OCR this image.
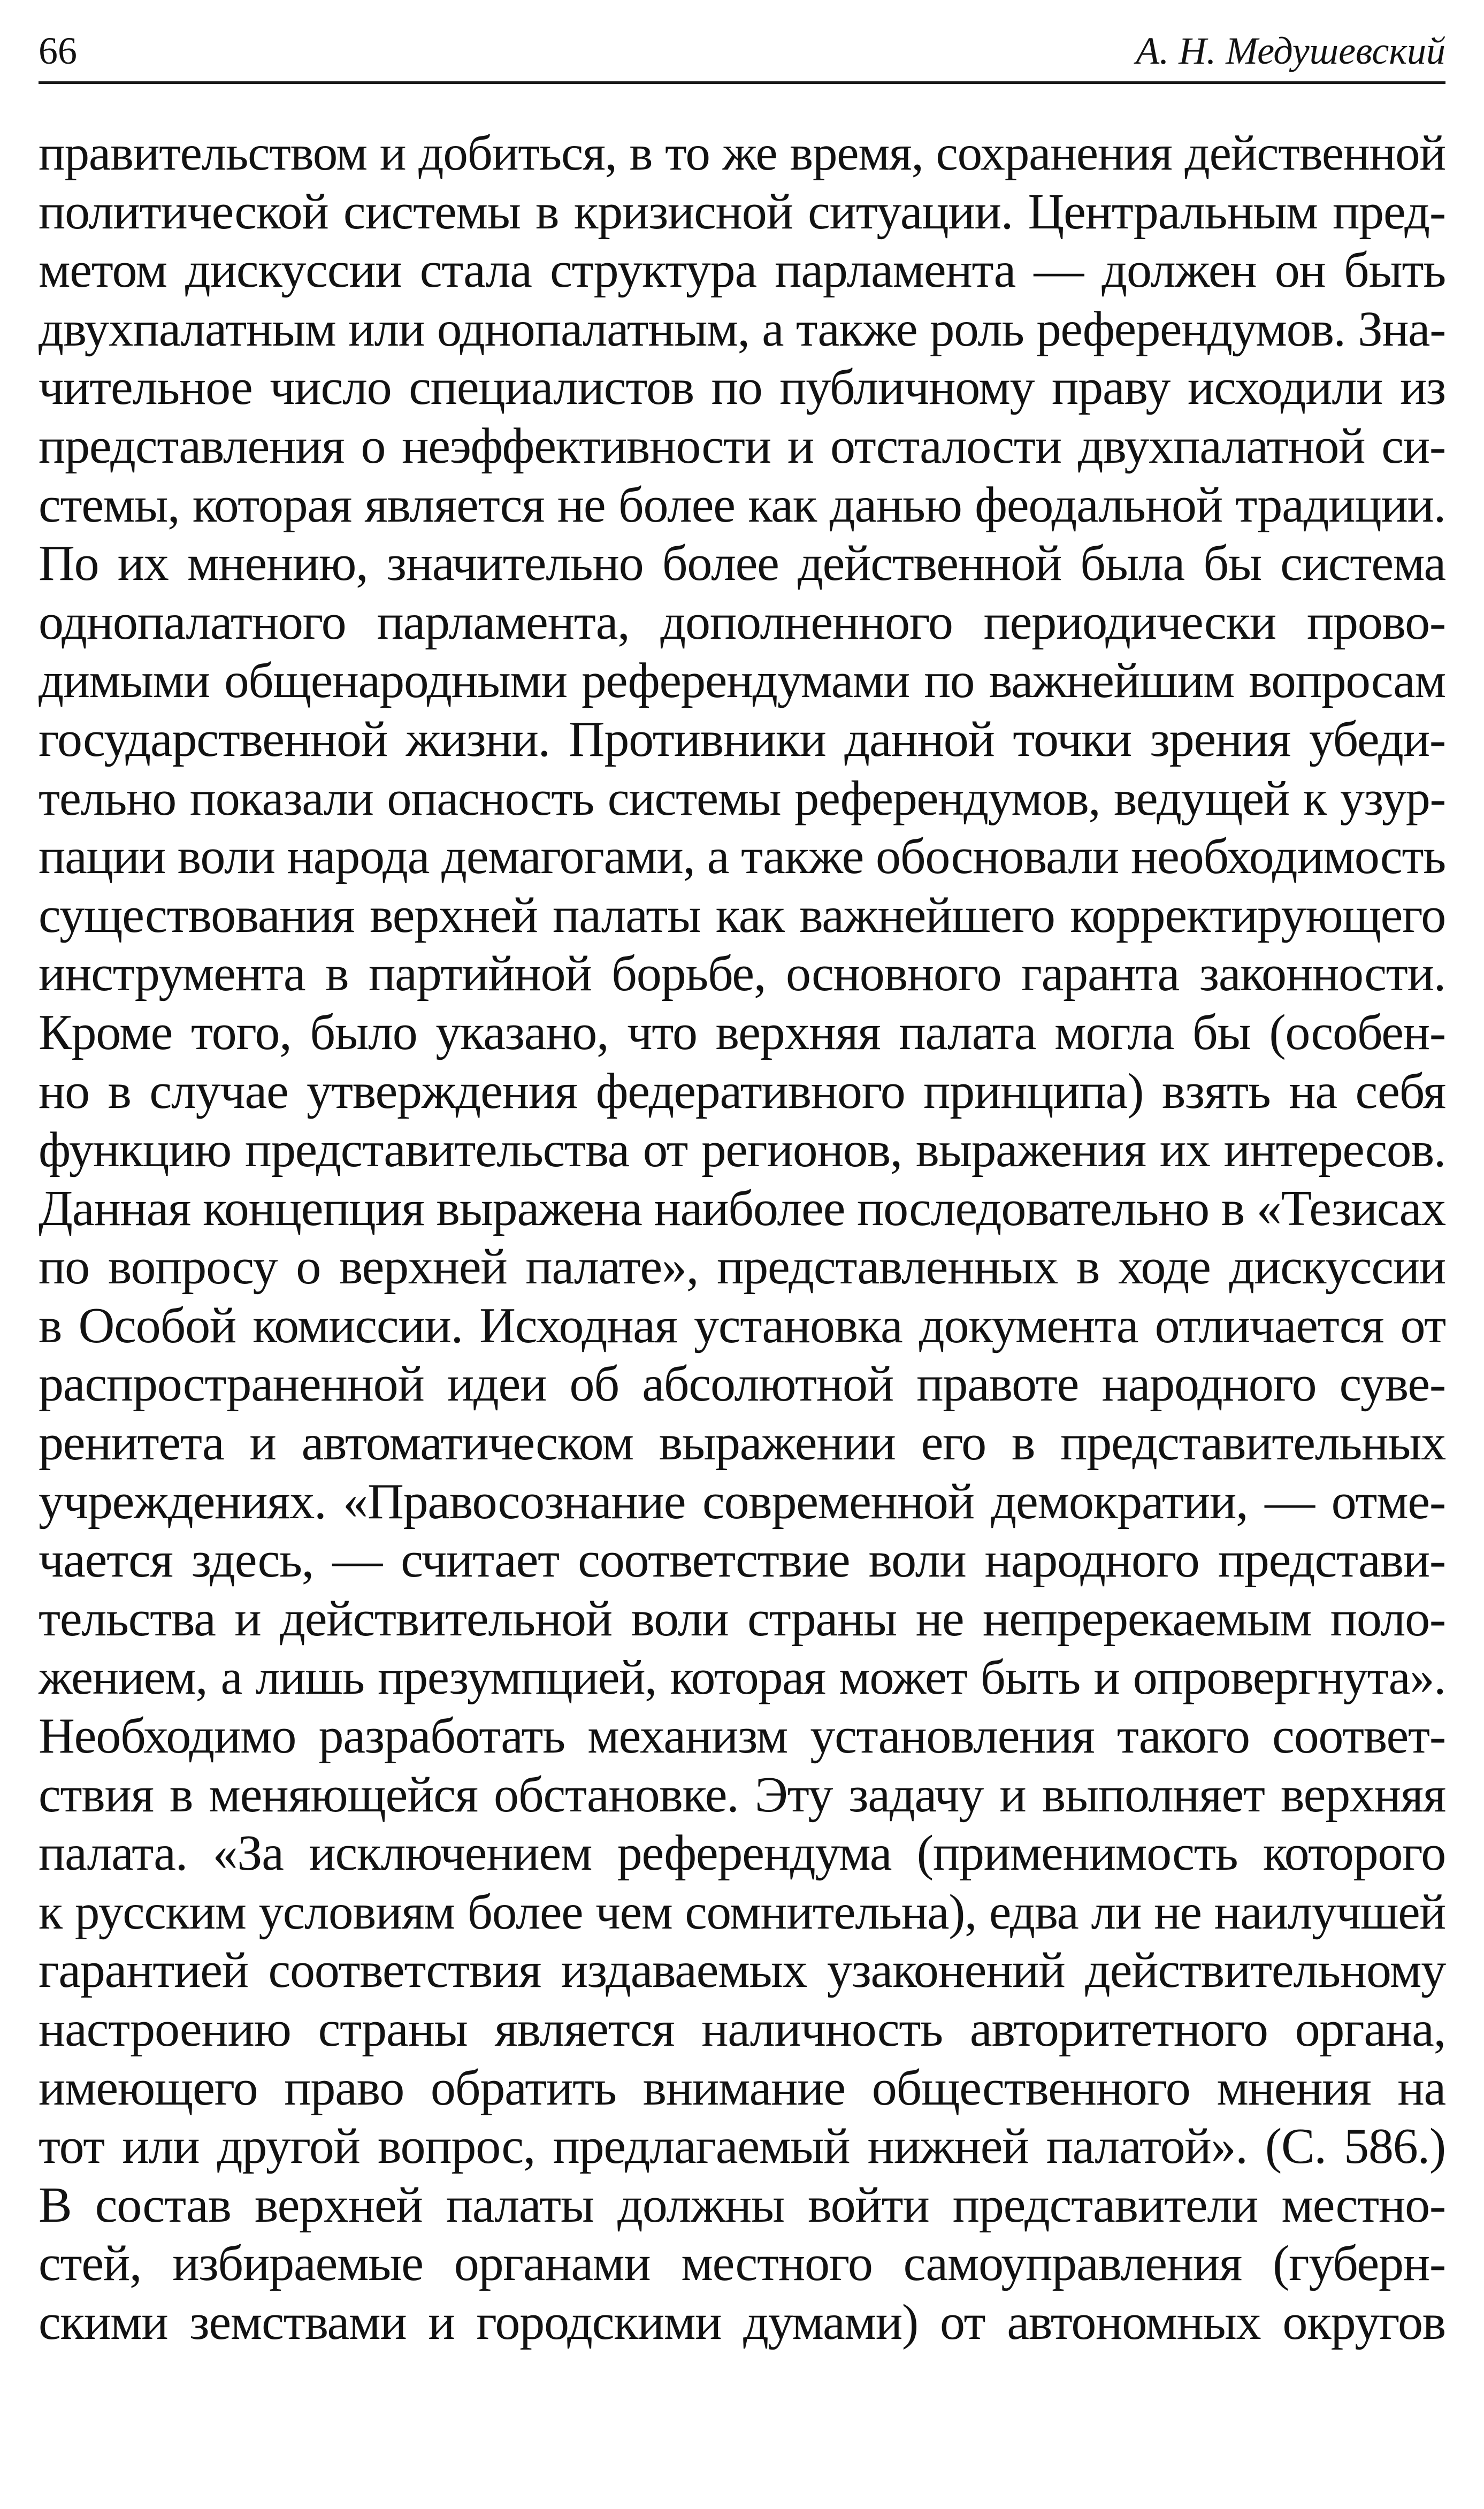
66	А. Н. Медушевский
правительством и добиться, в то же время, сохранения действенной
политической системы в кризисной ситуации. Центральным пред-
метом дискуссии стала структура парламента — должен он быть
двухпалатным или однопалатным, а также роль референдумов. Зна-
чительное число специалистов по публичному праву исходили из
представления о неэффективности и отсталости двухпалатной си-
стемы, которая является не более как данью феодальной традиции.
По их мнению, значительно более действенной была бы система
однопалатного парламента, дополненного периодически прово-
димыми общенародными референдумами по важнейшим вопросам
государственной жизни. Противники данной точки зрения убеди-
тельно показали опасность системы референдумов, ведущей к узур-
пации воли народа демагогами, а также обосновали необходимость
существования верхней палаты как важнейшего корректирующего
инструмента в партийной борьбе, основного гаранта законности.
Кроме того, было указано, что верхняя палата могла бы (особен-
но в случае утверждения федеративного принципа) взять на себя
функцию представительства от регионов, выражения их интересов.
Данная концепция выражена наиболее последовательно в «Тезисах
по вопросу о верхней палате», представленных в ходе дискуссии
в Особой комиссии. Исходная установка документа отличается от
распространенной идеи об абсолютной правоте народного суве-
ренитета и автоматическом выражении его в представительных
учреждениях. «Правосознание современной демократии, — отме-
чается здесь, — считает соответствие воли народного представи-
тельства и действительной воли страны не непререкаемым поло-
жением, а лишь презумпцией, которая может быть и опровергнута».
Необходимо разработать механизм установления такого соответ-
ствия в меняющейся обстановке. Эту задачу и выполняет верхняя
палата. «За исключением референдума (применимость которого
к русским условиям более чем сомнительна), едва ли не наилучшей
гарантией соответствия издаваемых узаконений действительному
настроению страны является наличность авторитетного органа,
имеющего право обратить внимание общественного мнения на
тот или другой вопрос, предлагаемый нижней палатой». (С. 586.)
В состав верхней палаты должны войти представители местно-
стей, избираемые органами местного самоуправления (губерн-
скими земствами и городскими думами) от автономных округов
